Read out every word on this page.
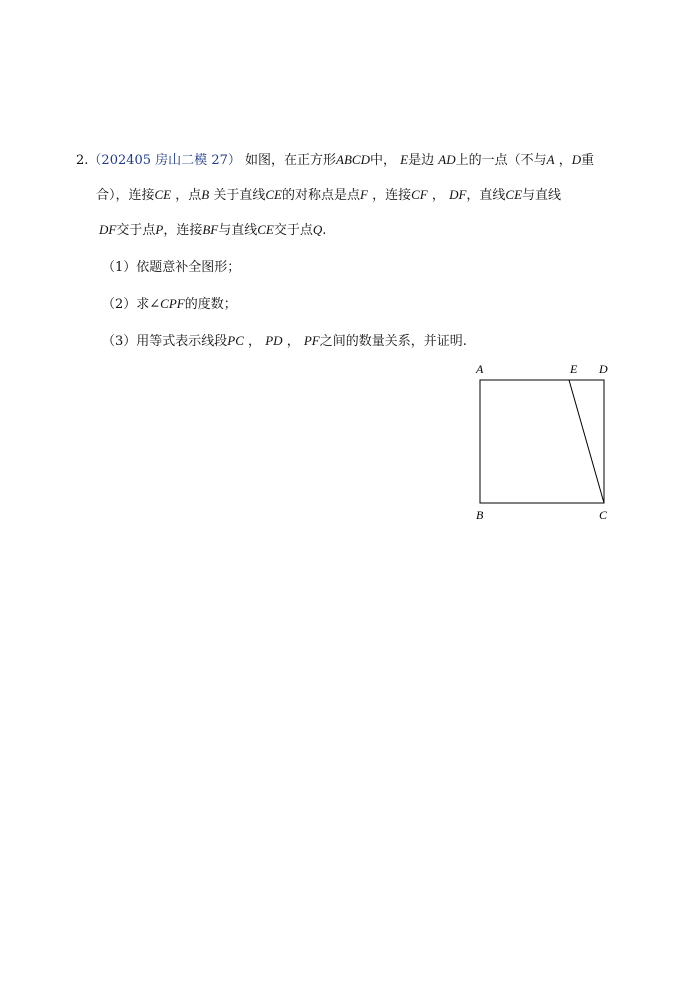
2.（202405 房山二模 27） 如图，在正方形ABCD中， E是边 AD上的一点（不与A ，D重
合），连接CE ，点B 关于直线CE的对称点是点F ，连接CF ， DF，直线CE与直线
DF交于点P，连接BF与直线CE交于点Q.
（1）依题意补全图形；
（2）求∠CPF的度数；
（3）用等式表示线段PC ， PD ， PF之间的数量关系，并证明.
A	E D
B	C
